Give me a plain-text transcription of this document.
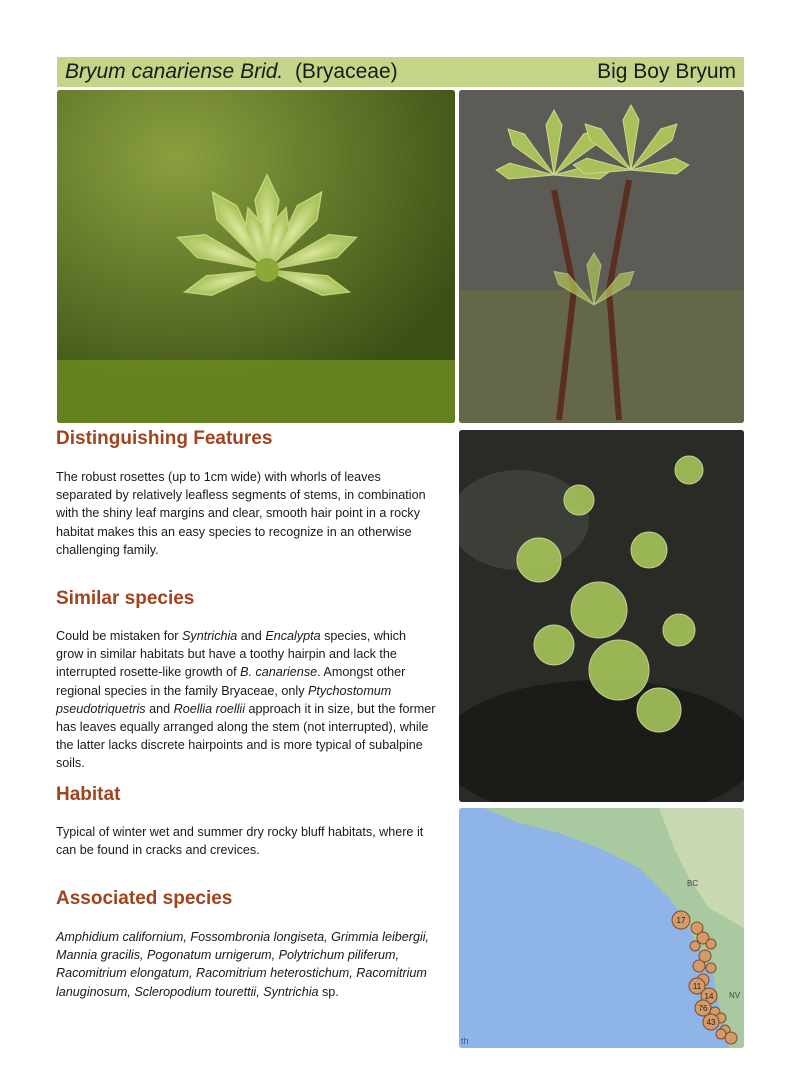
Bryum canariense Brid. (Bryaceae)	Big Boy Bryum
BC
NV
17
11
14
76
43
th
Distinguishing Features

The robust rosettes (up to 1cm wide) with whorls of leaves separated by relatively leafless segments of stems, in combination with the shiny leaf margins and clear, smooth hair point in a rocky habitat makes this an easy species to recognize in an otherwise challenging family.

Similar species

Could be mistaken for Syntrichia and Encalypta species, which grow in similar habitats but have a toothy hairpin and lack the interrupted rosette-like growth of B. canariense. Amongst other regional species in the family Bryaceae, only Ptychostomum pseudotriquetris and Roellia roellii approach it in size, but the former has leaves equally arranged along the stem (not interrupted), while the latter lacks discrete hairpoints and is more typical of subalpine soils.

Habitat

Typical of winter wet and summer dry rocky bluff habitats, where it can be found in cracks and crevices.

Associated species

Amphidium californium, Fossombronia longiseta, Grimmia leibergii, Mannia gracilis, Pogonatum urnigerum, Polytrichum piliferum, Racomitrium elongatum, Racomitrium heterostichum, Racomitrium lanuginosum, Scleropodium tourettii, Syntrichia sp.
